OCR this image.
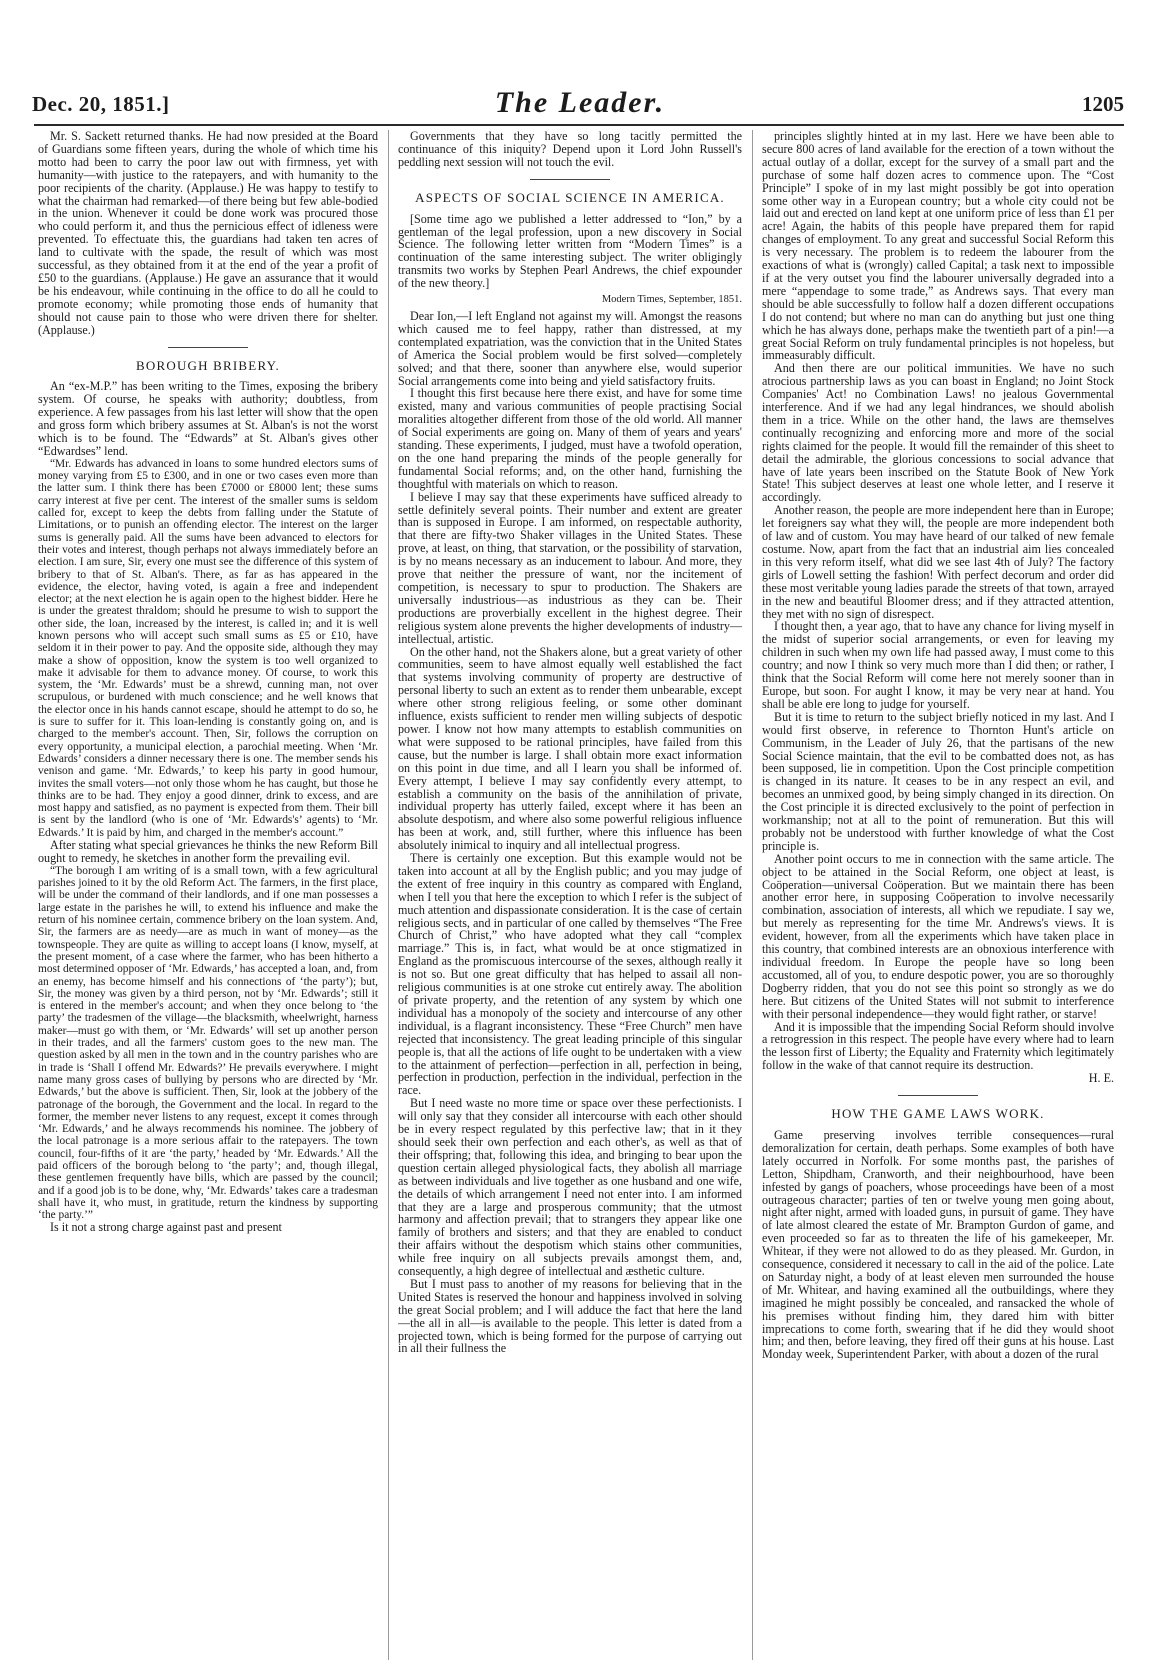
Dec. 20, 1851.]	The Leader.	1205

Mr. S. Sackett returned thanks. He had now presided at the Board of Guardians some fifteen years, during the whole of which time his motto had been to carry the poor law out with firmness, yet with humanity—with justice to the ratepayers, and with humanity to the poor recipients of the charity. (Applause.) He was happy to testify to what the chairman had remarked—of there being but few able-bodied in the union. Whenever it could be done work was procured those who could perform it, and thus the pernicious effect of idleness were prevented. To effectuate this, the guardians had taken ten acres of land to cultivate with the spade, the result of which was most successful, as they obtained from it at the end of the year a profit of £50 to the guardians. (Applause.) He gave an assurance that it would be his endeavour, while continuing in the office to do all he could to promote economy; while promoting those ends of humanity that should not cause pain to those who were driven there for shelter. (Applause.)

BOROUGH BRIBERY.

An “ex-M.P.” has been writing to the Times, exposing the bribery system. Of course, he speaks with authority; doubtless, from experience. A few passages from his last letter will show that the open and gross form which bribery assumes at St. Alban's is not the worst which is to be found. The “Edwards” at St. Alban's gives other “Edwardses” lend.

“Mr. Edwards has advanced in loans to some hundred electors sums of money varying from £5 to £300, and in one or two cases even more than the latter sum. I think there has been £7000 or £8000 lent; these sums carry interest at five per cent. The interest of the smaller sums is seldom called for, except to keep the debts from falling under the Statute of Limitations, or to punish an offending elector. The interest on the larger sums is generally paid. All the sums have been advanced to electors for their votes and interest, though perhaps not always immediately before an election. I am sure, Sir, every one must see the difference of this system of bribery to that of St. Alban's. There, as far as has appeared in the evidence, the elector, having voted, is again a free and independent elector; at the next election he is again open to the highest bidder. Here he is under the greatest thraldom; should he presume to wish to support the other side, the loan, increased by the interest, is called in; and it is well known persons who will accept such small sums as £5 or £10, have seldom it in their power to pay. And the opposite side, although they may make a show of opposition, know the system is too well organized to make it advisable for them to advance money. Of course, to work this system, the ‘Mr. Edwards’ must be a shrewd, cunning man, not over scrupulous, or burdened with much conscience; and he well knows that the elector once in his hands cannot escape, should he attempt to do so, he is sure to suffer for it. This loan-lending is constantly going on, and is charged to the member's account. Then, Sir, follows the corruption on every opportunity, a municipal election, a parochial meeting. When ‘Mr. Edwards’ considers a dinner necessary there is one. The member sends his venison and game. ‘Mr. Edwards,’ to keep his party in good humour, invites the small voters—not only those whom he has caught, but those he thinks are to be had. They enjoy a good dinner, drink to excess, and are most happy and satisfied, as no payment is expected from them. Their bill is sent by the landlord (who is one of ‘Mr. Edwards's’ agents) to ‘Mr. Edwards.’ It is paid by him, and charged in the member's account.”

After stating what special grievances he thinks the new Reform Bill ought to remedy, he sketches in another form the prevailing evil.

“The borough I am writing of is a small town, with a few agricultural parishes joined to it by the old Reform Act. The farmers, in the first place, will be under the command of their landlords, and if one man possesses a large estate in the parishes he will, to extend his influence and make the return of his nominee certain, commence bribery on the loan system. And, Sir, the farmers are as needy—are as much in want of money—as the townspeople. They are quite as willing to accept loans (I know, myself, at the present moment, of a case where the farmer, who has been hitherto a most determined opposer of ‘Mr. Edwards,’ has accepted a loan, and, from an enemy, has become himself and his connections of ‘the party’); but, Sir, the money was given by a third person, not by ‘Mr. Edwards’; still it is entered in the member's account; and when they once belong to ‘the party’ the tradesmen of the village—the blacksmith, wheelwright, harness maker—must go with them, or ‘Mr. Edwards’ will set up another person in their trades, and all the farmers' custom goes to the new man. The question asked by all men in the town and in the country parishes who are in trade is ‘Shall I offend Mr. Edwards?’ He prevails everywhere. I might name many gross cases of bullying by persons who are directed by ‘Mr. Edwards,’ but the above is sufficient. Then, Sir, look at the jobbery of the patronage of the borough, the Government and the local. In regard to the former, the member never listens to any request, except it comes through ‘Mr. Edwards,’ and he always recommends his nominee. The jobbery of the local patronage is a more serious affair to the ratepayers. The town council, four-fifths of it are ‘the party,’ headed by ‘Mr. Edwards.’ All the paid officers of the borough belong to ‘the party’; and, though illegal, these gentlemen frequently have bills, which are passed by the council; and if a good job is to be done, why, ‘Mr. Edwards’ takes care a tradesman shall have it, who must, in gratitude, return the kindness by supporting ‘the party.’”

Is it not a strong charge against past and present

Governments that they have so long tacitly permitted the continuance of this iniquity? Depend upon it Lord John Russell's peddling next session will not touch the evil.

ASPECTS OF SOCIAL SCIENCE IN AMERICA.

[Some time ago we published a letter addressed to “Ion,” by a gentleman of the legal profession, upon a new discovery in Social Science. The following letter written from “Modern Times” is a continuation of the same interesting subject. The writer obligingly transmits two works by Stephen Pearl Andrews, the chief expounder of the new theory.]

Modern Times, September, 1851.

Dear Ion,—I left England not against my will. Amongst the reasons which caused me to feel happy, rather than distressed, at my contemplated expatriation, was the conviction that in the United States of America the Social problem would be first solved—completely solved; and that there, sooner than anywhere else, would superior Social arrangements come into being and yield satisfactory fruits.

I thought this first because here there exist, and have for some time existed, many and various communities of people practising Social moralities altogether different from those of the old world. All manner of Social experiments are going on. Many of them of years and years' standing. These experiments, I judged, must have a twofold operation, on the one hand preparing the minds of the people generally for fundamental Social reforms; and, on the other hand, furnishing the thoughtful with materials on which to reason.

I believe I may say that these experiments have sufficed already to settle definitely several points. Their number and extent are greater than is supposed in Europe. I am informed, on respectable authority, that there are fifty-two Shaker villages in the United States. These prove, at least, on thing, that starvation, or the possibility of starvation, is by no means necessary as an inducement to labour. And more, they prove that neither the pressure of want, nor the incitement of competition, is necessary to spur to production. The Shakers are universally industrious—as industrious as they can be. Their productions are proverbially excellent in the highest degree. Their religious system alone prevents the higher developments of industry—intellectual, artistic.

On the other hand, not the Shakers alone, but a great variety of other communities, seem to have almost equally well established the fact that systems involving community of property are destructive of personal liberty to such an extent as to render them unbearable, except where other strong religious feeling, or some other dominant influence, exists sufficient to render men willing subjects of despotic power. I know not how many attempts to establish communities on what were supposed to be rational principles, have failed from this cause, but the number is large. I shall obtain more exact information on this point in due time, and all I learn you shall be informed of. Every attempt, I believe I may say confidently every attempt, to establish a community on the basis of the annihilation of private, individual property has utterly failed, except where it has been an absolute despotism, and where also some powerful religious influence has been at work, and, still further, where this influence has been absolutely inimical to inquiry and all intellectual progress.

There is certainly one exception. But this example would not be taken into account at all by the English public; and you may judge of the extent of free inquiry in this country as compared with England, when I tell you that here the exception to which I refer is the subject of much attention and dispassionate consideration. It is the case of certain religious sects, and in particular of one called by themselves “The Free Church of Christ,” who have adopted what they call “complex marriage.” This is, in fact, what would be at once stigmatized in England as the promiscuous intercourse of the sexes, although really it is not so. But one great difficulty that has helped to assail all non-religious communities is at one stroke cut entirely away. The abolition of private property, and the retention of any system by which one individual has a monopoly of the society and intercourse of any other individual, is a flagrant inconsistency. These “Free Church” men have rejected that inconsistency. The great leading principle of this singular people is, that all the actions of life ought to be undertaken with a view to the attainment of perfection—perfection in all, perfection in being, perfection in production, perfection in the individual, perfection in the race.

But I need waste no more time or space over these perfectionists. I will only say that they consider all intercourse with each other should be in every respect regulated by this perfective law; that in it they should seek their own perfection and each other's, as well as that of their offspring; that, following this idea, and bringing to bear upon the question certain alleged physiological facts, they abolish all marriage as between individuals and live together as one husband and one wife, the details of which arrangement I need not enter into. I am informed that they are a large and prosperous community; that the utmost harmony and affection prevail; that to strangers they appear like one family of brothers and sisters; and that they are enabled to conduct their affairs without the despotism which stains other communities, while free inquiry on all subjects prevails amongst them, and, consequently, a high degree of intellectual and æsthetic culture.

But I must pass to another of my reasons for believing that in the United States is reserved the honour and happiness involved in solving the great Social problem; and I will adduce the fact that here the land—the all in all—is available to the people. This letter is dated from a projected town, which is being formed for the purpose of carrying out in all their fullness the

principles slightly hinted at in my last. Here we have been able to secure 800 acres of land available for the erection of a town without the actual outlay of a dollar, except for the survey of a small part and the purchase of some half dozen acres to commence upon. The “Cost Principle” I spoke of in my last might possibly be got into operation some other way in a European country; but a whole city could not be laid out and erected on land kept at one uniform price of less than £1 per acre! Again, the habits of this people have prepared them for rapid changes of employment. To any great and successful Social Reform this is very necessary. The problem is to redeem the labourer from the exactions of what is (wrongly) called Capital; a task next to impossible if at the very outset you find the labourer universally degraded into a mere “appendage to some trade,” as Andrews says. That every man should be able successfully to follow half a dozen different occupations I do not contend; but where no man can do anything but just one thing which he has always done, perhaps make the twentieth part of a pin!—a great Social Reform on truly fundamental principles is not hopeless, but immeasurably difficult.

And then there are our political immunities. We have no such atrocious partnership laws as you can boast in England; no Joint Stock Companies' Act! no Combination Laws! no jealous Governmental interference. And if we had any legal hindrances, we should abolish them in a trice. While on the other hand, the laws are themselves continually recognizing and enforcing more and more of the social rights claimed for the people. It would fill the remainder of this sheet to detail the admirable, the glorious concessions to social advance that have of late years been inscribed on the Statute Book of New York State! This subject deserves at least one whole letter, and I reserve it accordingly.

Another reason, the people are more independent here than in Europe; let foreigners say what they will, the people are more independent both of law and of custom. You may have heard of our talked of new female costume. Now, apart from the fact that an industrial aim lies concealed in this very reform itself, what did we see last 4th of July? The factory girls of Lowell setting the fashion! With perfect decorum and order did these most veritable young ladies parade the streets of that town, arrayed in the new and beautiful Bloomer dress; and if they attracted attention, they met with no sign of disrespect.

I thought then, a year ago, that to have any chance for living myself in the midst of superior social arrangements, or even for leaving my children in such when my own life had passed away, I must come to this country; and now I think so very much more than I did then; or rather, I think that the Social Reform will come here not merely sooner than in Europe, but soon. For aught I know, it may be very near at hand. You shall be able ere long to judge for yourself.

But it is time to return to the subject briefly noticed in my last. And I would first observe, in reference to Thornton Hunt's article on Communism, in the Leader of July 26, that the partisans of the new Social Science maintain, that the evil to be combatted does not, as has been supposed, lie in competition. Upon the Cost principle competition is changed in its nature. It ceases to be in any respect an evil, and becomes an unmixed good, by being simply changed in its direction. On the Cost principle it is directed exclusively to the point of perfection in workmanship; not at all to the point of remuneration. But this will probably not be understood with further knowledge of what the Cost principle is.

Another point occurs to me in connection with the same article. The object to be attained in the Social Reform, one object at least, is Coöperation—universal Coöperation. But we maintain there has been another error here, in supposing Coöperation to involve necessarily combination, association of interests, all which we repudiate. I say we, but merely as representing for the time Mr. Andrews's views. It is evident, however, from all the experiments which have taken place in this country, that combined interests are an obnoxious interference with individual freedom. In Europe the people have so long been accustomed, all of you, to endure despotic power, you are so thoroughly Dogberry ridden, that you do not see this point so strongly as we do here. But citizens of the United States will not submit to interference with their personal independence—they would fight rather, or starve!

And it is impossible that the impending Social Reform should involve a retrogression in this respect. The people have every where had to learn the lesson first of Liberty; the Equality and Fraternity which legitimately follow in the wake of that cannot require its destruction.

H. E.
HOW THE GAME LAWS WORK.

Game preserving involves terrible consequences—rural demoralization for certain, death perhaps. Some examples of both have lately occurred in Norfolk. For some months past, the parishes of Letton, Shipdham, Cranworth, and their neighbourhood, have been infested by gangs of poachers, whose proceedings have been of a most outrageous character; parties of ten or twelve young men going about, night after night, armed with loaded guns, in pursuit of game. They have of late almost cleared the estate of Mr. Brampton Gurdon of game, and even proceeded so far as to threaten the life of his gamekeeper, Mr. Whitear, if they were not allowed to do as they pleased. Mr. Gurdon, in consequence, considered it necessary to call in the aid of the police. Late on Saturday night, a body of at least eleven men surrounded the house of Mr. Whitear, and having examined all the outbuildings, where they imagined he might possibly be concealed, and ransacked the whole of his premises without finding him, they dared him with bitter imprecations to come forth, swearing that if he did they would shoot him; and then, before leaving, they fired off their guns at his house. Last Monday week, Superintendent Parker, with about a dozen of the rural
